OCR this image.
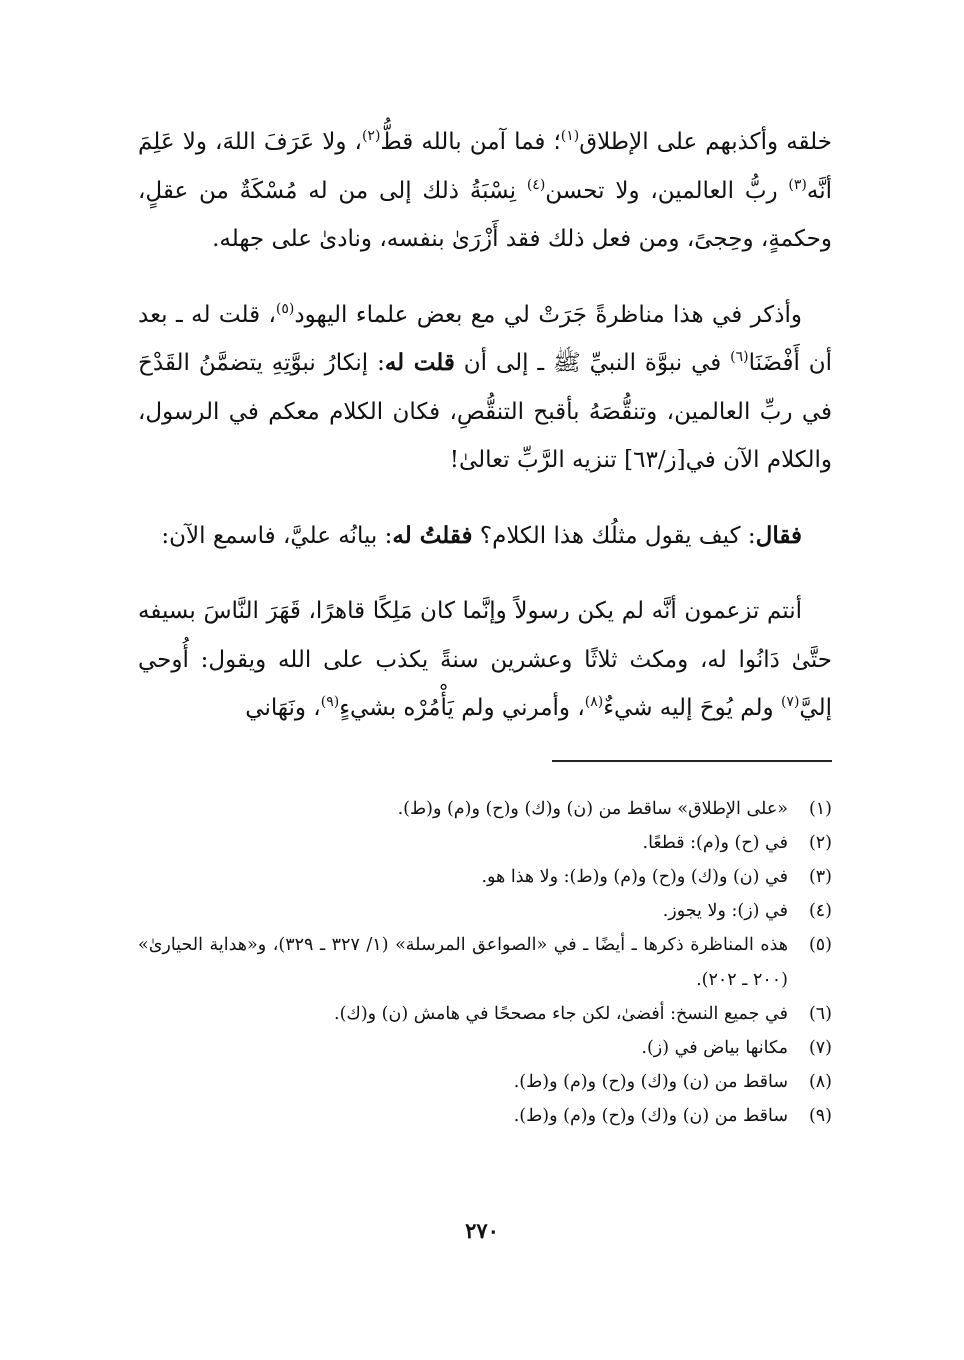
خلقه وأكذبهم على الإطلاق$^{(١)}$؛ فما آمن بالله قطُّ$^{(٢)}$، ولا عَرَفَ اللهَ، ولا عَلِمَ أنَّه$^{(٣)}$ ربُّ العالمين، ولا تحسن$^{(٤)}$ نِسْبَةُ ذلك إلى من له مُسْكَةٌ من عقلٍ، وحكمةٍ، وحِجىً، ومن فعل ذلك فقد أَزْرَىٰ بنفسه، ونادىٰ على جهله.

وأذكر في هذا مناظرةً جَرَتْ لي مع بعض علماء اليهود$^{(٥)}$، قلت له ـ بعد أن أَفْضَنَا$^{(٦)}$ في نبوَّة النبيِّ ﷺ ـ إلى أن قلت له: إنكارُ نبوَّتِهِ يتضمَّنُ القَدْحَ في ربِّ العالمين، وتنقُّصَهُ بأقبح التنقُّصِ، فكان الكلام معكم في الرسول، والكلام الآن في[ز/٦٣] تنزيه الرَّبِّ تعالىٰ!

فقال: كيف يقول مثلُك هذا الكلام؟ فقلتُ له: بيانُه عليَّ، فاسمع الآن:

أنتم تزعمون أنَّه لم يكن رسولاً وإنَّما كان مَلِكًا قاهرًا، قَهَرَ النَّاسَ بسيفه حتَّىٰ دَانُوا له، ومكث ثلاثًا وعشرين سنةً يكذب على الله ويقول: أُوحي إليَّ$^{(٧)}$ ولم يُوحَ إليه شيءٌ$^{(٨)}$، وأمرني ولم يَأْمُرْه بشيءٍ$^{(٩)}$، ونَهَاني

(١)
«على الإطلاق» ساقط من (ن) و(ك) و(ح) و(م) و(ط).
(٢)
في (ح) و(م): قطعًا.
(٣)
في (ن) و(ك) و(ح) و(م) و(ط): ولا هذا هو.
(٤)
في (ز): ولا يجوز.
(٥)
هذه المناظرة ذكرها ـ أيضًا ـ في «الصواعق المرسلة» (١/ ٣٢٧ ـ ٣٢٩)، و«هداية الحيارىٰ» (٢٠٠ ـ ٢٠٢).
(٦)
في جميع النسخ: أفضىٰ، لكن جاء مصححًا في هامش (ن) و(ك).
(٧)
مكانها بياض في (ز).
(٨)
ساقط من (ن) و(ك) و(ح) و(م) و(ط).
(٩)
ساقط من (ن) و(ك) و(ح) و(م) و(ط).
٢٧٠
